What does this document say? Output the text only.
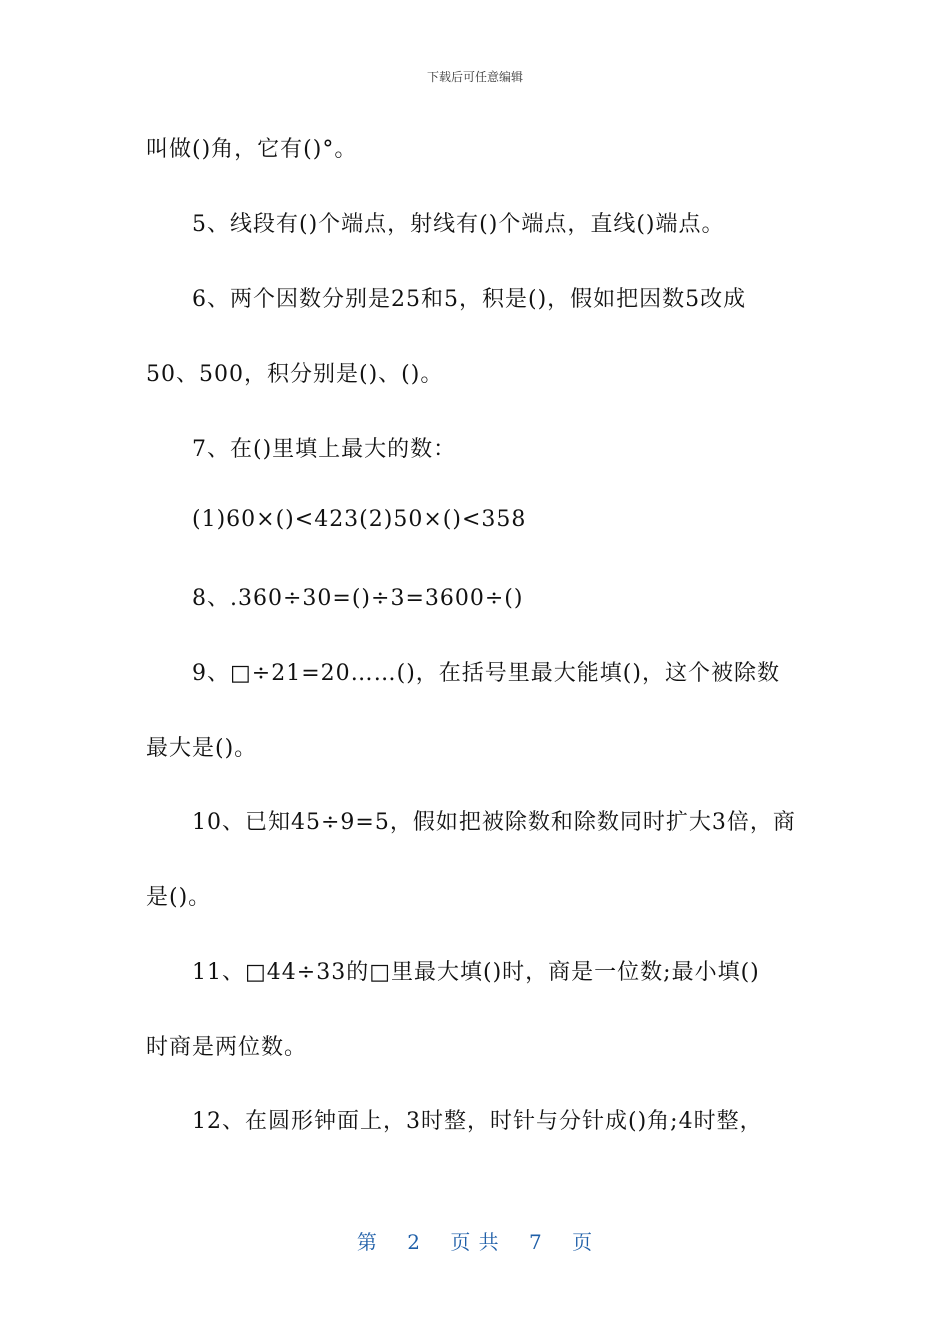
下载后可任意编辑
叫做()角，它有()°。
5、线段有()个端点，射线有()个端点，直线()端点。
6、两个因数分别是25和5，积是()，假如把因数5改成
50、500，积分别是()、()。
7、在()里填上最大的数：
(1)60×()<423(2)50×()<358
8、.360÷30=()÷3=3600÷()
9、□÷21=20……()，在括号里最大能填()，这个被除数
最大是()。
10、已知45÷9=5，假如把被除数和除数同时扩大3倍，商
是()。
11、□44÷33的□里最大填()时，商是一位数;最小填()
时商是两位数。
12、在圆形钟面上，3时整，时针与分针成()角;4时整，
第 2 页 共 7 页
